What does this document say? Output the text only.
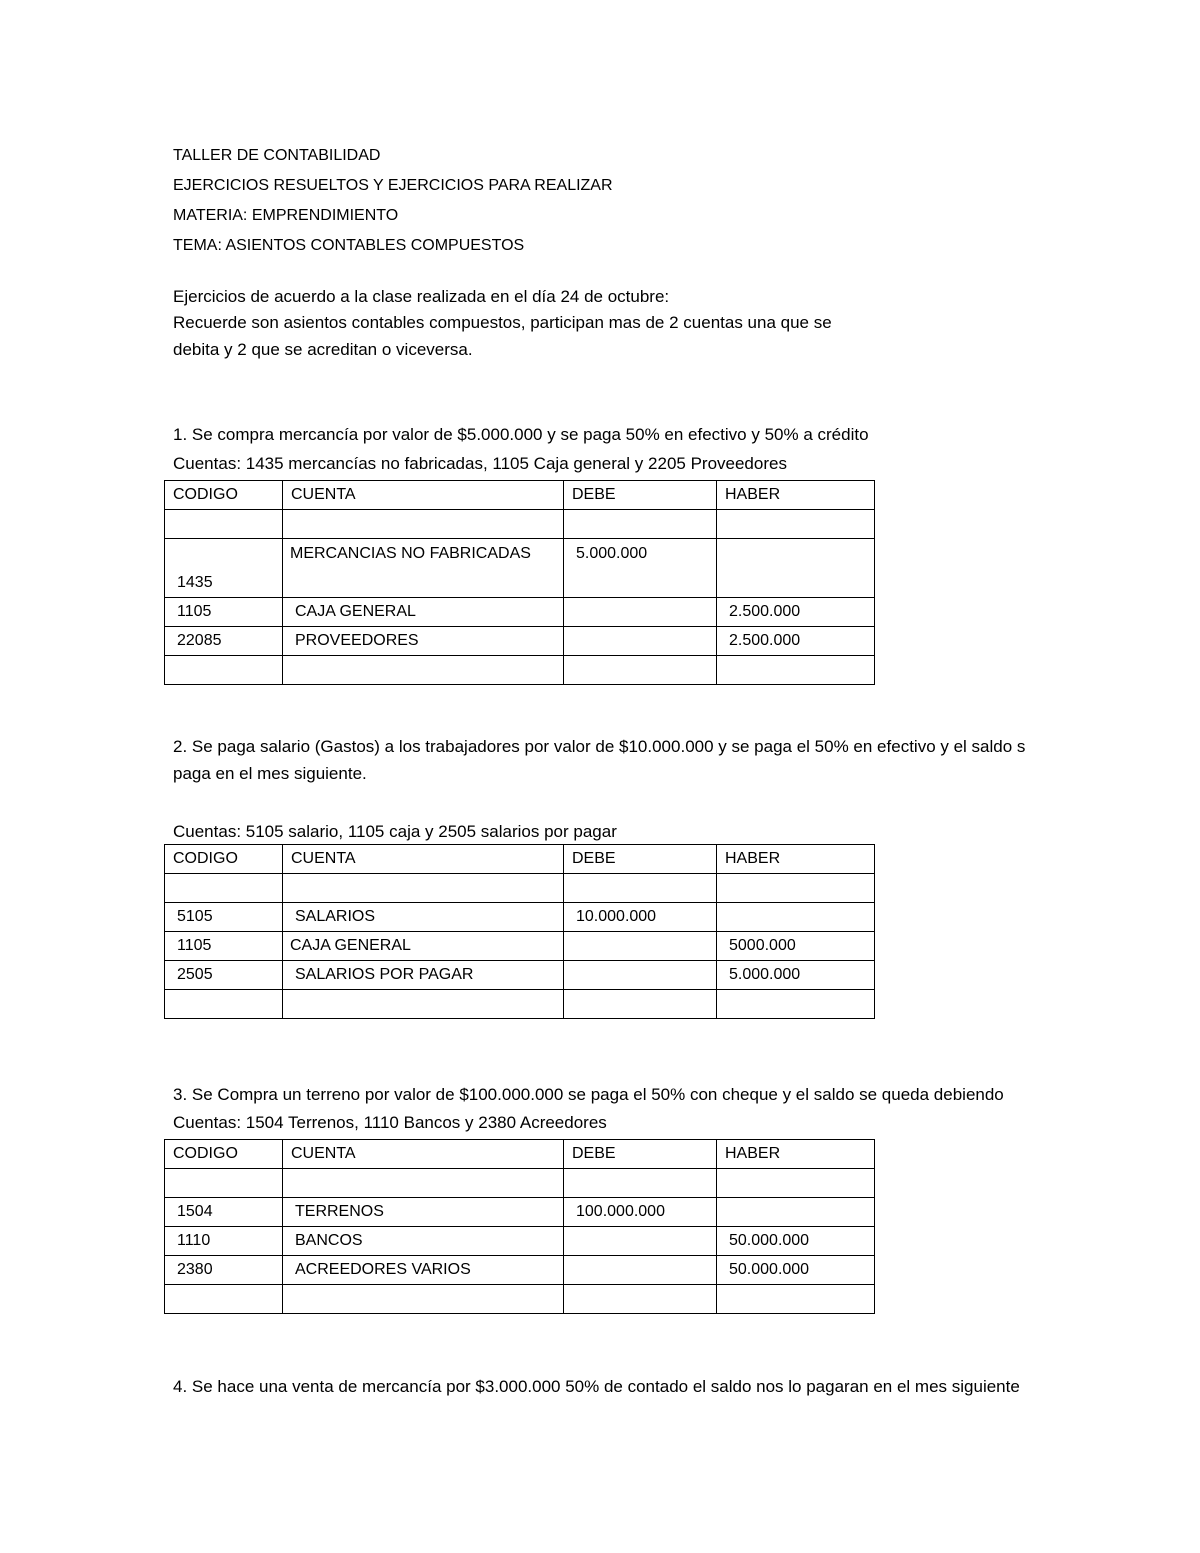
TALLER DE CONTABILIDAD
EJERCICIOS RESUELTOS Y EJERCICIOS PARA REALIZAR
MATERIA: EMPRENDIMIENTO
TEMA: ASIENTOS CONTABLES COMPUESTOS
Ejercicios de acuerdo a la clase realizada en el día 24 de octubre:
Recuerde son asientos contables compuestos, participan mas de 2 cuentas una que se
debita y 2 que se acreditan o viceversa.
1. Se compra mercancía por valor de $5.000.000 y se paga 50% en efectivo y 50% a crédito
Cuentas: 1435 mercancías no fabricadas, 1105 Caja general y 2205 Proveedores
CODIGO	CUENTA	DEBE	HABER

1435	MERCANCIAS NO FABRICADAS	5.000.000	
1105	CAJA GENERAL		2.500.000
22085	PROVEEDORES		2.500.000

2. Se paga salario (Gastos) a los trabajadores por valor de $10.000.000 y se paga el 50% en efectivo y el saldo s
paga en el mes siguiente.
Cuentas: 5105 salario, 1105 caja y 2505 salarios por pagar
CODIGO	CUENTA	DEBE	HABER

5105	SALARIOS	10.000.000	
1105	CAJA GENERAL		5000.000
2505	SALARIOS POR PAGAR		5.000.000

3. Se Compra un terreno por valor de $100.000.000 se paga el 50% con cheque y el saldo se queda debiendo
Cuentas: 1504 Terrenos, 1110 Bancos y 2380 Acreedores
CODIGO	CUENTA	DEBE	HABER

1504	TERRENOS	100.000.000	
1110	BANCOS		50.000.000
2380	ACREEDORES VARIOS		50.000.000

4. Se hace una venta de mercancía por $3.000.000 50% de contado el saldo nos lo pagaran en el mes siguiente
